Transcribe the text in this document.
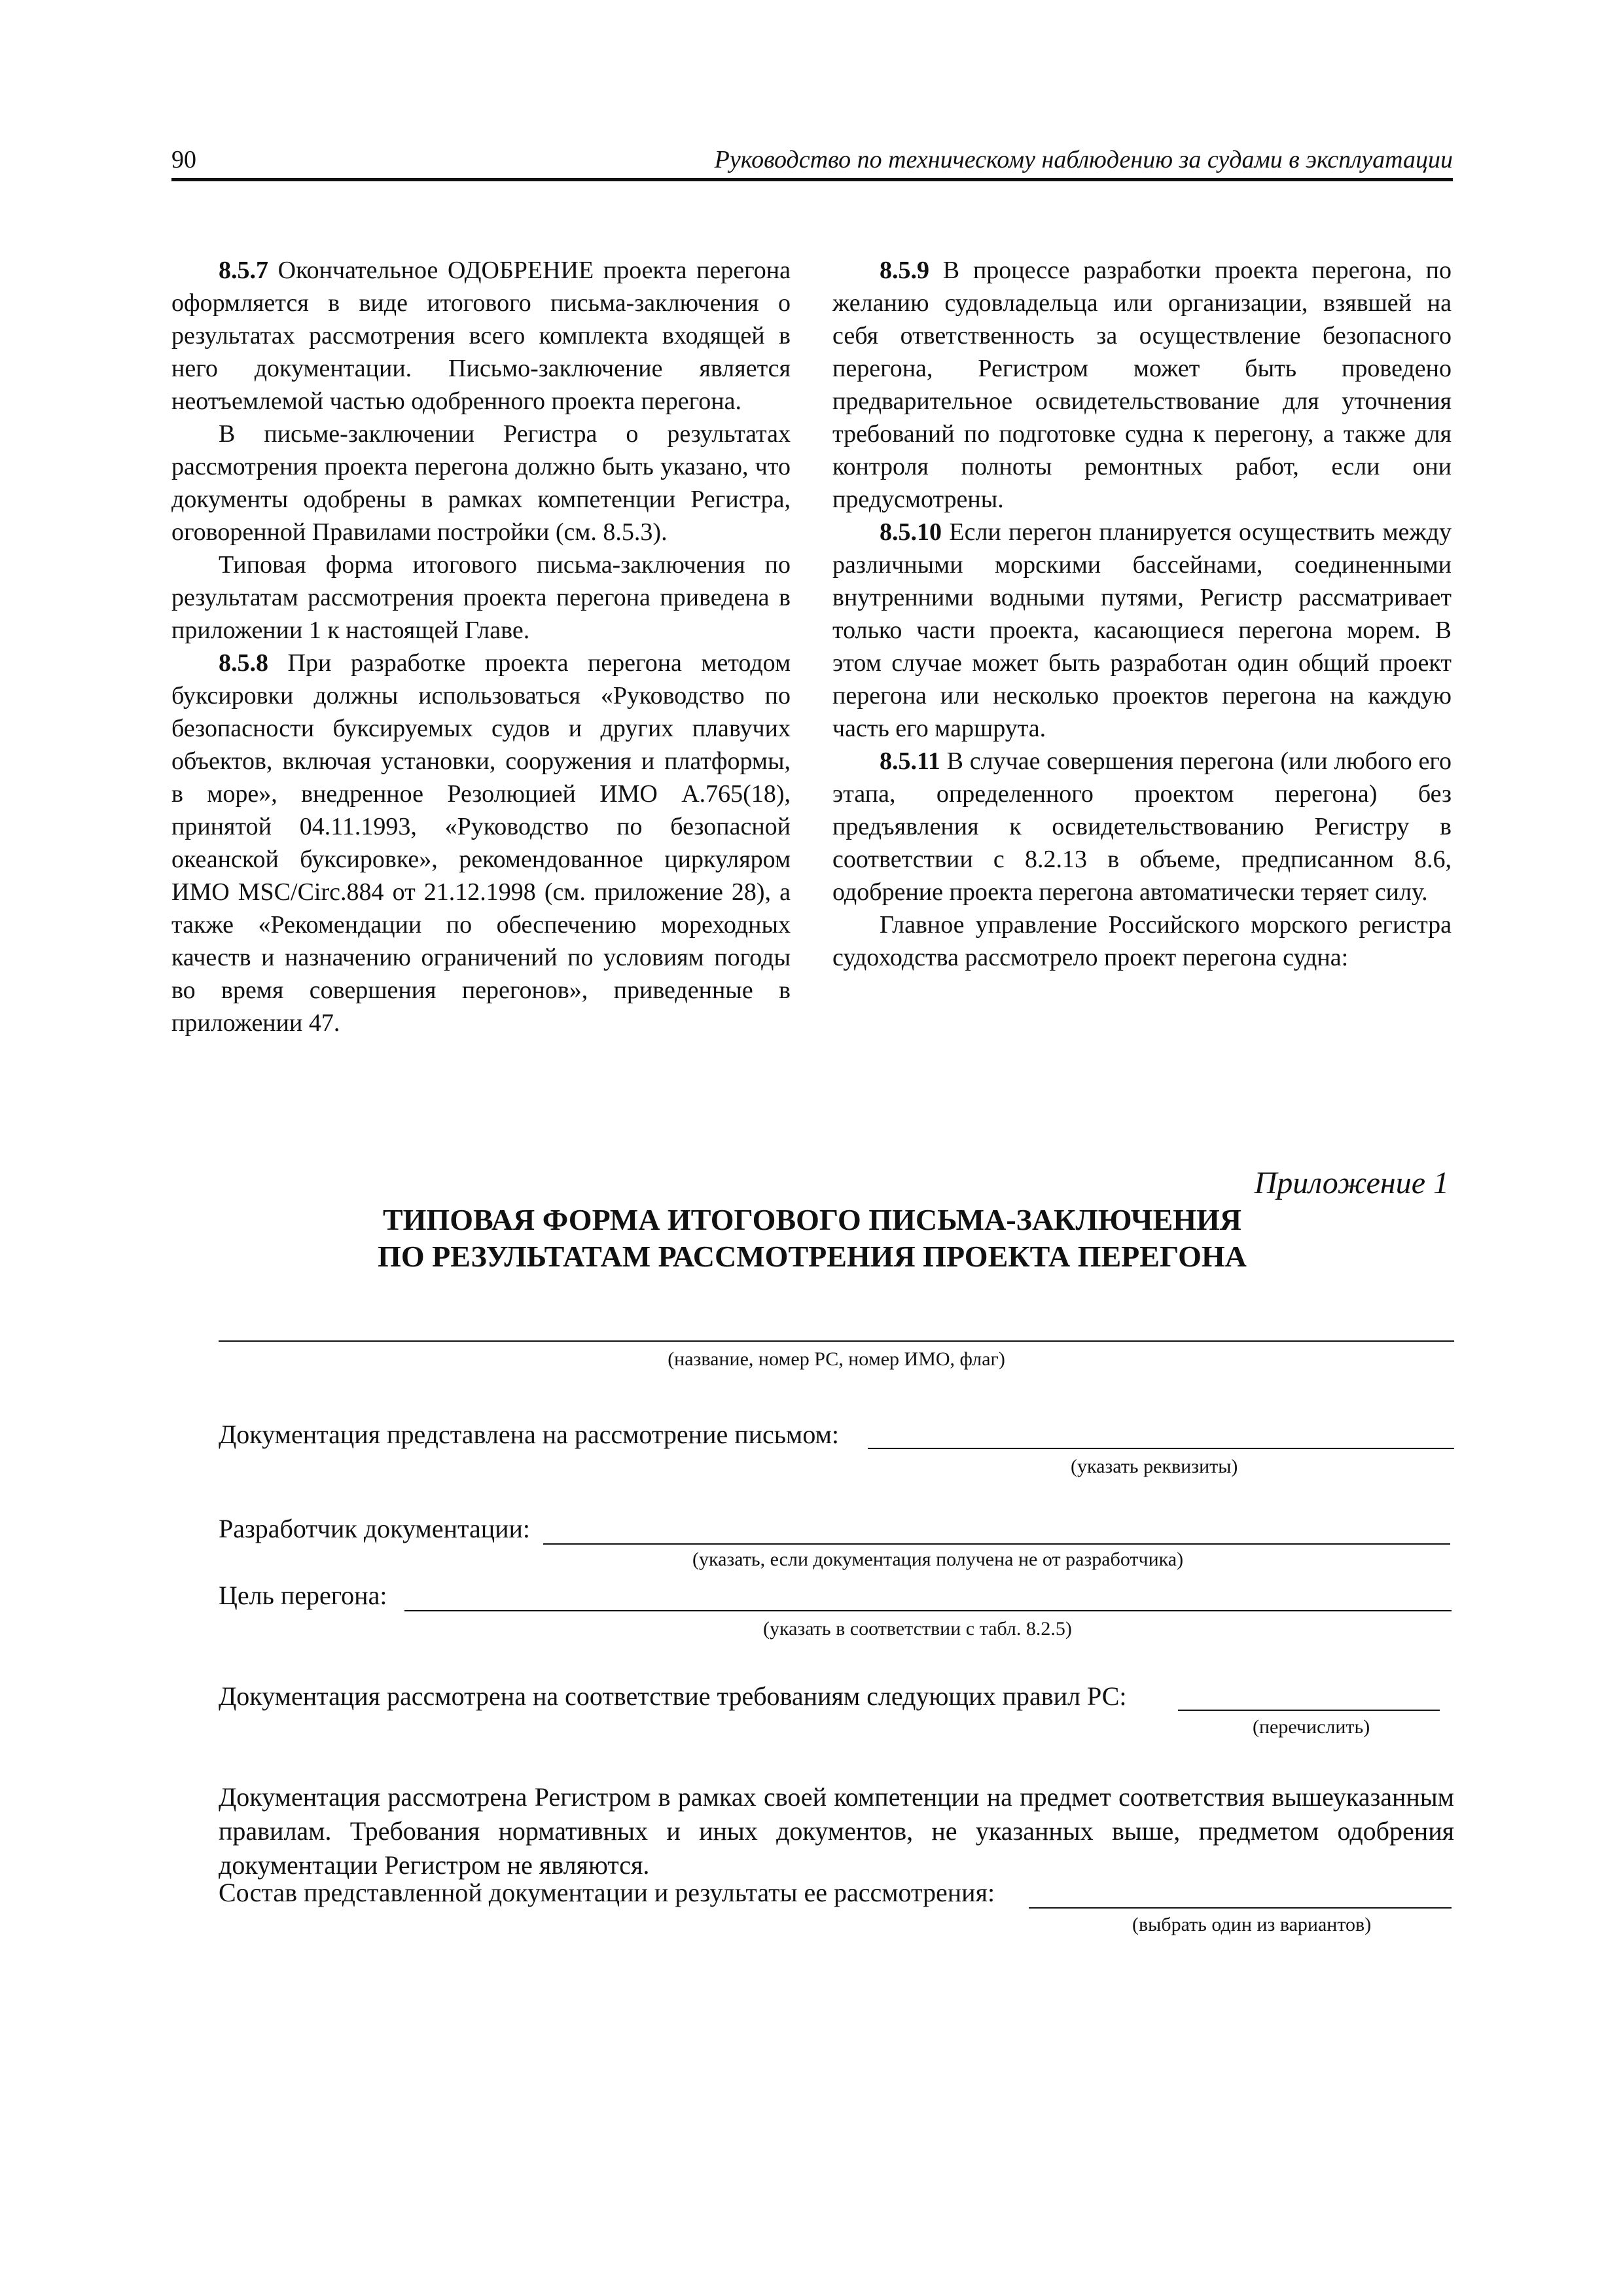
90	Руководство по техническому наблюдению за судами в эксплуатации

8.5.7 Окончательное ОДОБРЕНИЕ проекта перегона оформляется в виде итогового письма-заключения о результатах рассмотрения всего комплекта входящей в него документации. Письмо-заключение является неотъемлемой частью одобренного проекта перегона.

В письме-заключении Регистра о результатах рассмотрения проекта перегона должно быть указано, что документы одобрены в рамках компетенции Регистра, оговоренной Правилами постройки (см. 8.5.3).

Типовая форма итогового письма-заключения по результатам рассмотрения проекта перегона приведена в приложении 1 к настоящей Главе.

8.5.8 При разработке проекта перегона методом буксировки должны использоваться «Руководство по безопасности буксируемых судов и других плавучих объектов, включая установки, сооружения и платформы, в море», внедренное Резолюцией ИМО A.765(18), принятой 04.11.1993, «Руководство по безопасной океанской буксировке», рекомендованное циркуляром ИМО MSC/Circ.884 от 21.12.1998 (см. приложение 28), а также «Рекомендации по обеспечению мореходных качеств и назначению ограничений по условиям погоды во время совершения перегонов», приведенные в приложении 47.

8.5.9 В процессе разработки проекта перегона, по желанию судовладельца или организации, взявшей на себя ответственность за осуществление безопасного перегона, Регистром может быть проведено предварительное освидетельствование для уточнения требований по подготовке судна к перегону, а также для контроля полноты ремонтных работ, если они предусмотрены.

8.5.10 Если перегон планируется осуществить между различными морскими бассейнами, соединенными внутренними водными путями, Регистр рассматривает только части проекта, касающиеся перегона морем. В этом случае может быть разработан один общий проект перегона или несколько проектов перегона на каждую часть его маршрута.

8.5.11 В случае совершения перегона (или любого его этапа, определенного проектом перегона) без предъявления к освидетельствованию Регистру в соответствии с 8.2.13 в объеме, предписанном 8.6, одобрение проекта перегона автоматически теряет силу.

Главное управление Российского морского регистра судоходства рассмотрело проект перегона судна:

Приложение 1
ТИПОВАЯ ФОРМА ИТОГОВОГО ПИСЬМА-ЗАКЛЮЧЕНИЯ
ПО РЕЗУЛЬТАТАМ РАССМОТРЕНИЯ ПРОЕКТА ПЕРЕГОНА
(название, номер РС, номер ИМО, флаг)
Документация представлена на рассмотрение письмом:
(указать реквизиты)
Разработчик документации:
(указать, если документация получена не от разработчика)
Цель перегона:
(указать в соответствии с табл. 8.2.5)
Документация рассмотрена на соответствие требованиям следующих правил РС:
(перечислить)

Документация рассмотрена Регистром в рамках своей компетенции на предмет соответствия вышеуказанным правилам. Требования нормативных и иных документов, не указанных выше, предметом одобрения документации Регистром не являются.

Состав представленной документации и результаты ее рассмотрения:
(выбрать один из вариантов)
